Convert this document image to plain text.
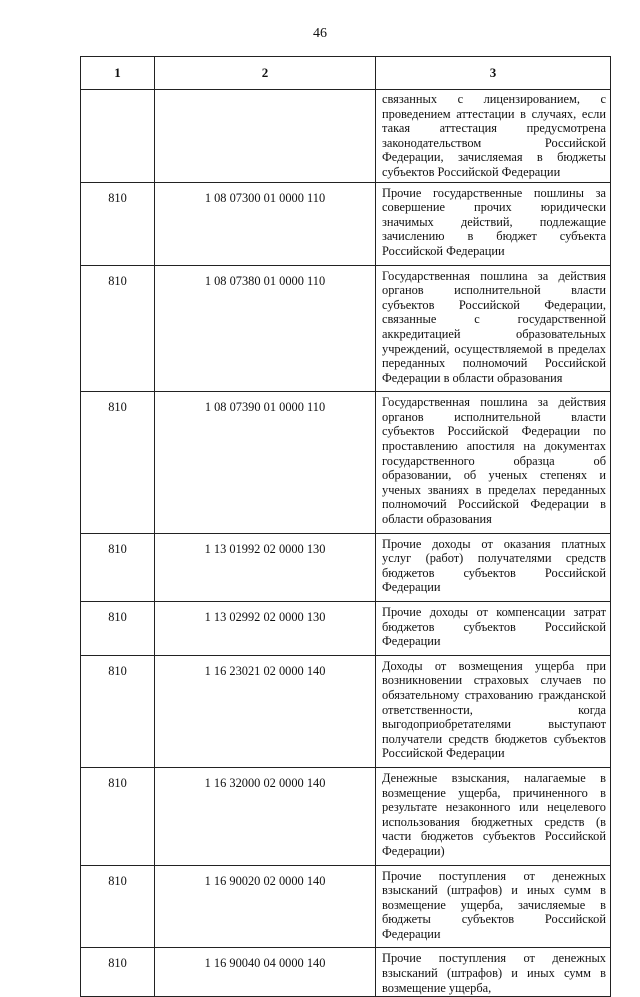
46
1	2	3
		связанных с лицензированием, с проведением аттестации в случаях, если такая аттестация предусмотрена законодательством Российской Федерации, зачисляемая в бюджеты субъектов Российской Федерации
810	1 08 07300 01 0000 110	Прочие государственные пошлины за совершение прочих юридически значимых действий, подлежащие зачислению в бюджет субъекта Российской Федерации
810	1 08 07380 01 0000 110	Государственная пошлина за действия органов исполнительной власти субъектов Российской Федерации, связанные с государственной аккредитацией образовательных учреждений, осуществляемой в пределах переданных полномочий Российской Федерации в области образования
810	1 08 07390 01 0000 110	Государственная пошлина за действия органов исполнительной власти субъектов Российской Федерации по проставлению апостиля на документах государственного образца об образовании, об ученых степенях и ученых званиях в пределах переданных полномочий Российской Федерации в области образования
810	1 13 01992 02 0000 130	Прочие доходы от оказания платных услуг (работ) получателями средств бюджетов субъектов Российской Федерации
810	1 13 02992 02 0000 130	Прочие доходы от компенсации затрат бюджетов субъектов Российской Федерации
810	1 16 23021 02 0000 140	Доходы от возмещения ущерба при возникновении страховых случаев по обязательному страхованию гражданской ответственности, когда выгодоприобретателями выступают получатели средств бюджетов субъектов Российской Федерации
810	1 16 32000 02 0000 140	Денежные взыскания, налагаемые в возмещение ущерба, причиненного в результате незаконного или нецелевого использования бюджетных средств (в части бюджетов субъектов Российской Федерации)
810	1 16 90020 02 0000 140	Прочие поступления от денежных взысканий (штрафов) и иных сумм в возмещение ущерба, зачисляемые в бюджеты субъектов Российской Федерации
810	1 16 90040 04 0000 140	Прочие поступления от денежных взысканий (штрафов) и иных сумм в возмещение ущерба,
